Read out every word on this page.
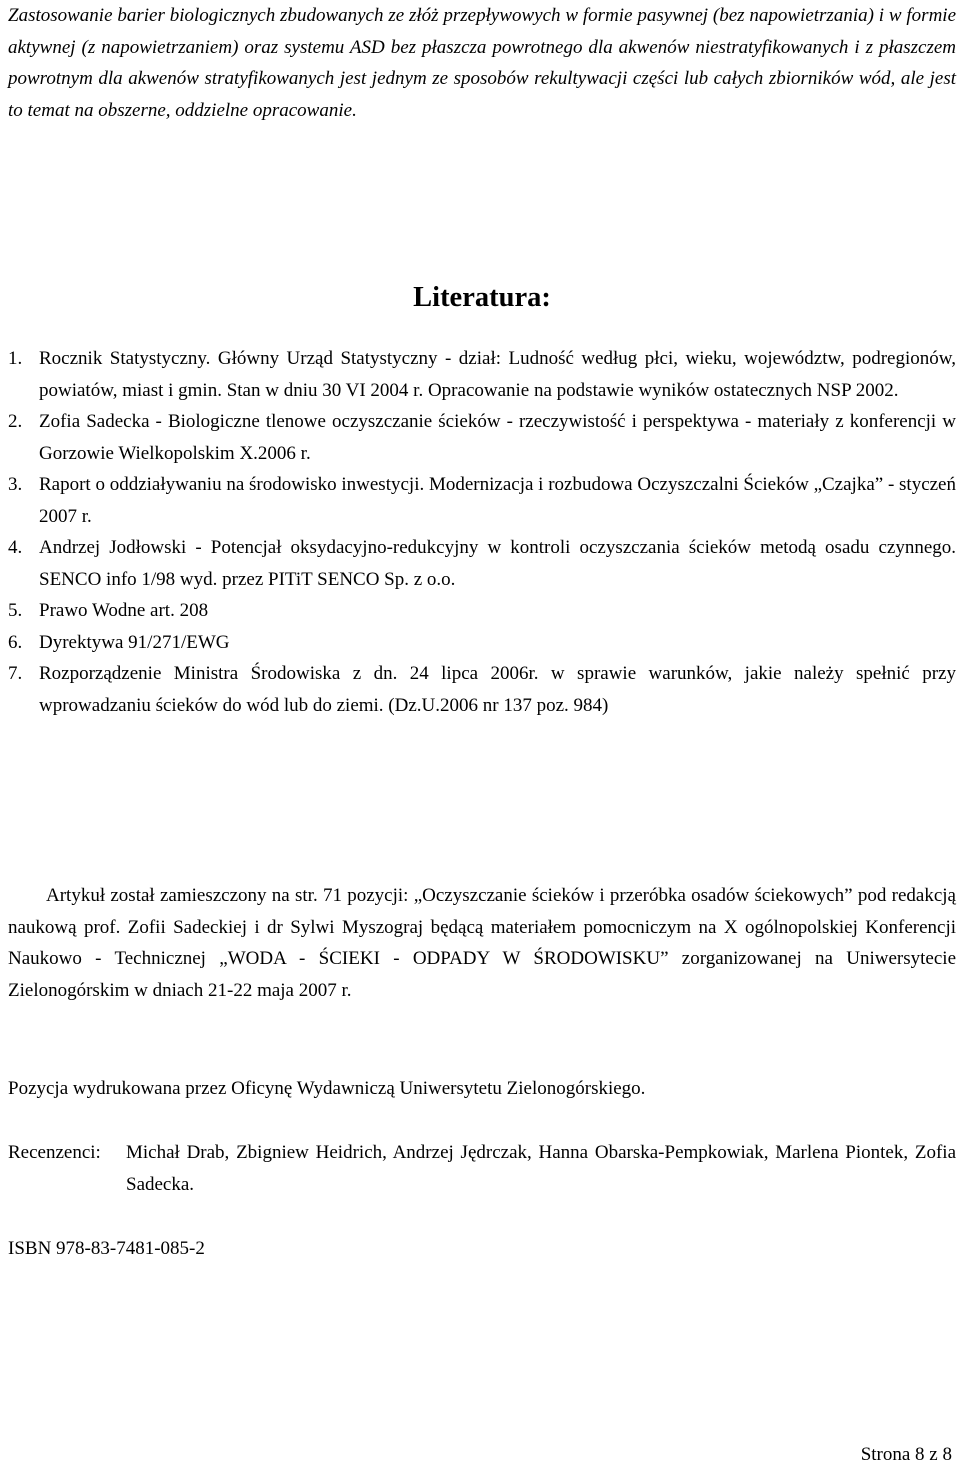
Zastosowanie barier biologicznych zbudowanych ze złóż przepływowych w formie pasywnej (bez napowietrzania) i w formie aktywnej (z napowietrzaniem) oraz systemu ASD bez płaszcza powrotnego dla akwenów niestratyfikowanych i z płaszczem powrotnym dla akwenów stratyfikowanych jest jednym ze sposobów rekultywacji części lub całych zbiorników wód, ale jest to temat na obszerne, oddzielne opracowanie.

Literatura:
1. Rocznik Statystyczny. Główny Urząd Statystyczny - dział: Ludność według płci, wieku, województw, podregionów, powiatów, miast i gmin. Stan w dniu 30 VI 2004 r. Opracowanie na podstawie wyników ostatecznych NSP 2002.
2. Zofia Sadecka - Biologiczne tlenowe oczyszczanie ścieków - rzeczywistość i perspektywa - materiały z konferencji w Gorzowie Wielkopolskim X.2006 r.
3. Raport o oddziaływaniu na środowisko inwestycji. Modernizacja i rozbudowa Oczyszczalni Ścieków „Czajka” - styczeń 2007 r.
4. Andrzej Jodłowski - Potencjał oksydacyjno-redukcyjny w kontroli oczyszczania ścieków metodą osadu czynnego. SENCO info 1/98 wyd. przez PITiT SENCO Sp. z o.o.
5. Prawo Wodne art. 208
6. Dyrektywa 91/271/EWG
7. Rozporządzenie Ministra Środowiska z dn. 24 lipca 2006r. w sprawie warunków, jakie należy spełnić przy wprowadzaniu ścieków do wód lub do ziemi. (Dz.U.2006 nr 137 poz. 984)

Artykuł został zamieszczony na str. 71 pozycji: „Oczyszczanie ścieków i przeróbka osadów ściekowych” pod redakcją naukową prof. Zofii Sadeckiej i dr Sylwi Myszograj będącą materiałem pomocniczym na X ogólnopolskiej Konferencji Naukowo - Technicznej „WODA - ŚCIEKI - ODPADY W ŚRODOWISKU” zorganizowanej na Uniwersytecie Zielonogórskim w dniach 21-22 maja 2007 r.

Pozycja wydrukowana przez Oficynę Wydawniczą Uniwersytetu Zielonogórskiego.

Recenzenci:	Michał Drab, Zbigniew Heidrich, Andrzej Jędrczak, Hanna Obarska-Pempkowiak, Marlena Piontek, Zofia Sadecka.

ISBN 978-83-7481-085-2

Strona 8 z 8
